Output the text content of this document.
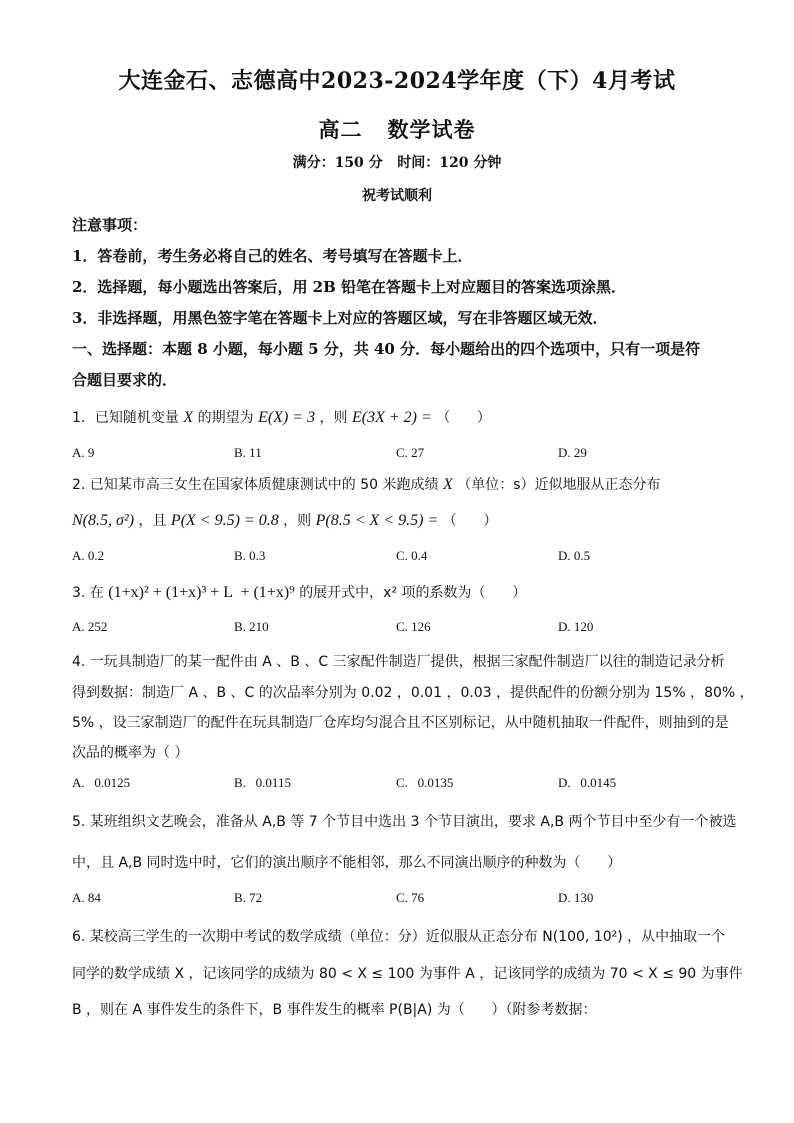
大连金石、志德高中2023-2024学年度（下）4月考试
高二   数学试卷
满分：150 分   时间：120 分钟
祝考试顺利
注意事项：
1．答卷前，考生务必将自己的姓名、考号填写在答题卡上．
2．选择题，每小题选出答案后，用 2B 铅笔在答题卡上对应题目的答案选项涂黑．
3．非选择题，用黑色签字笔在答题卡上对应的答题区域，写在非答题区域无效．
一、选择题：本题 8 小题，每小题 5 分，共 40 分．每小题给出的四个选项中，只有一项是符
合题目要求的．
1．已知随机变量 X 的期望为 E(X) = 3 ，则 E(3X + 2) = （      ）
A. 9	B. 11	C. 27	D. 29
2. 已知某市高三女生在国家体质健康测试中的 50 米跑成绩 X （单位：s）近似地服从正态分布
N(8.5, σ²) ，且 P(X < 9.5) = 0.8 ，则 P(8.5 < X < 9.5) = （      ）
A. 0.2	B. 0.3	C. 0.4	D. 0.5
3. 在 (1+x)² + (1+x)³ + L  + (1+x)⁹ 的展开式中，x² 项的系数为（      ）
A. 252	B. 210	C. 126	D. 120
4. 一玩具制造厂的某一配件由 A 、B 、C 三家配件制造厂提供，根据三家配件制造厂以往的制造记录分析
得到数据：制造厂 A 、B 、C 的次品率分别为 0.02 ，0.01 ，0.03 ，提供配件的份额分别为 15% ，80% ，
5% ，设三家制造厂的配件在玩具制造厂仓库均匀混合且不区别标记，从中随机抽取一件配件，则抽到的是
次品的概率为（ ）
A.   0.0125	B.   0.0115	C.   0.0135	D.   0.0145
5. 某班组织文艺晚会，准备从 A,B 等 7 个节目中选出 3 个节目演出，要求 A,B 两个节目中至少有一个被选
中，且 A,B 同时选中时，它们的演出顺序不能相邻，那么不同演出顺序的种数为（      ）
A. 84	B. 72	C. 76	D. 130
6. 某校高三学生的一次期中考试的数学成绩（单位：分）近似服从正态分布 N(100, 10²) ，从中抽取一个
同学的数学成绩 X ，记该同学的成绩为 80 < X ≤ 100 为事件 A ，记该同学的成绩为 70 < X ≤ 90 为事件
B ，则在 A 事件发生的条件下，B 事件发生的概率 P(B|A) 为（      ）（附参考数据：
